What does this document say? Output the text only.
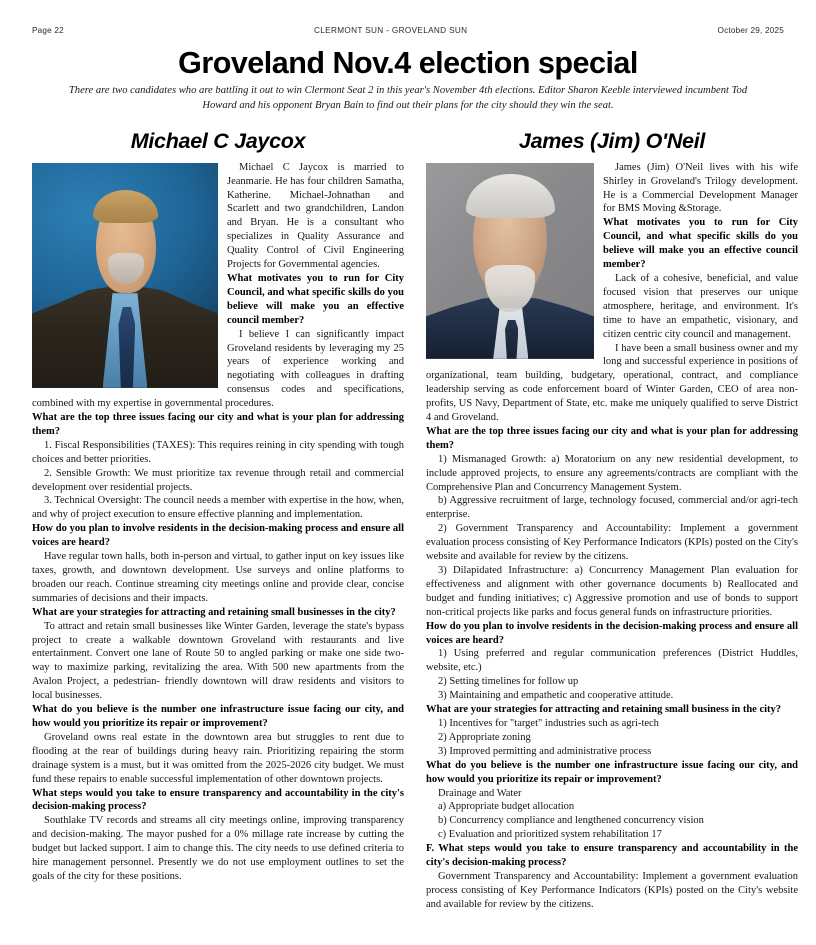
Page 22	CLERMONT SUN - GROVELAND SUN	October 29, 2025
Groveland Nov.4 election special

There are two candidates who are battling it out to win Clermont Seat 2 in this year's November 4th elections. Editor Sharon Keeble interviewed incumbent Tod Howard and his opponent Bryan Bain to find out their plans for the city should they win the seat.

Michael C Jaycox

Michael C Jaycox is married to Jeanmarie. He has four children Samatha, Katherine. Michael-Johnathan and Scarlett and two grandchildren, Landon and Bryan. He is a consultant who specializes in Quality Assurance and Quality Control of Civil Engineering Projects for Governmental agencies.

What motivates you to run for City Council, and what specific skills do you believe will make you an effective council member?

I believe I can significantly impact Groveland residents by leveraging my 25 years of experience working and negotiating with colleagues in drafting consensus codes and specifications, combined with my expertise in governmental procedures.

What are the top three issues facing our city and what is your plan for addressing them?

1. Fiscal Responsibilities (TAXES): This requires reining in city spending with tough choices and better priorities.

2. Sensible Growth: We must prioritize tax revenue through retail and commercial development over residential projects.

3. Technical Oversight: The council needs a member with expertise in the how, when, and why of project execution to ensure effective planning and implementation.

How do you plan to involve residents in the decision-making process and ensure all voices are heard?

Have regular town halls, both in-person and virtual, to gather input on key issues like taxes, growth, and downtown development. Use surveys and online platforms to broaden our reach. Continue streaming city meetings online and provide clear, concise summaries of decisions and their impacts.

What are your strategies for attracting and retaining small businesses in the city?

To attract and retain small businesses like Winter Garden, leverage the state's bypass project to create a walkable downtown Groveland with restaurants and live entertainment. Convert one lane of Route 50 to angled parking or make one side two-way to maximize parking, revitalizing the area. With 500 new apartments from the Avalon Project, a pedestrian- friendly downtown will draw residents and visitors to local businesses.

What do you believe is the number one infrastructure issue facing our city, and how would you prioritize its repair or improvement?

Groveland owns real estate in the downtown area but struggles to rent due to flooding at the rear of buildings during heavy rain. Prioritizing repairing the storm drainage system is a must, but it was omitted from the 2025-2026 city budget. We must fund these repairs to enable successful implementation of other downtown projects.

What steps would you take to ensure transparency and accountability in the city's decision-making process?

Southlake TV records and streams all city meetings online, improving transparency and decision-making. The mayor pushed for a 0% millage rate increase by cutting the budget but lacked support. I aim to change this. The city needs to use defined criteria to hire management personnel. Presently we do not use employment outlines to set the goals of the city for these positions.

James (Jim) O'Neil

James (Jim) O'Neil lives with his wife Shirley in Groveland's Trilogy development. He is a Commercial Development Manager for BMS Moving &Storage.

What motivates you to run for City Council, and what specific skills do you believe will make you an effective council member?

Lack of a cohesive, beneficial, and value focused vision that preserves our unique atmosphere, heritage, and environment. It's time to have an empathetic, visionary, and citizen centric city council and management.

I have been a small business owner and my long and successful experience in positions of organizational, team building, budgetary, operational, contract, and compliance leadership serving as code enforcement board of Winter Garden, CEO of area non-profits, US Navy, Department of State, etc. make me uniquely qualified to serve District 4 and Groveland.

What are the top three issues facing our city and what is your plan for addressing them?

1) Mismanaged Growth: a) Moratorium on any new residential development, to include approved projects, to ensure any agreements/contracts are compliant with the Comprehensive Plan and Concurrency Management System.

b) Aggressive recruitment of large, technology focused, commercial and/or agri-tech enterprise.

2) Government Transparency and Accountability: Implement a government evaluation process consisting of Key Performance Indicators (KPIs) posted on the City's website and available for review by the citizens.

3) Dilapidated Infrastructure: a) Concurrency Management Plan evaluation for effectiveness and alignment with other governance documents b) Reallocated and budget and funding initiatives; c) Aggressive promotion and use of bonds to support non-critical projects like parks and focus general funds on infrastructure priorities.

How do you plan to involve residents in the decision-making process and ensure all voices are heard?

1) Using preferred and regular communication preferences (District Huddles, website, etc.)

2) Setting timelines for follow up

3) Maintaining and empathetic and cooperative attitude.

What are your strategies for attracting and retaining small business in the city?

1) Incentives for "target" industries such as agri-tech

2) Appropriate zoning

3) Improved permitting and administrative process

What do you believe is the number one infrastructure issue facing our city, and how would you prioritize its repair or improvement?

Drainage and Water

a) Appropriate budget allocation

b) Concurrency compliance and lengthened concurrency vision

c) Evaluation and prioritized system rehabilitation 17

F. What steps would you take to ensure transparency and accountability in the city's decision-making process?

Government Transparency and Accountability: Implement a government evaluation process consisting of Key Performance Indicators (KPIs) posted on the City's website and available for review by the citizens.
